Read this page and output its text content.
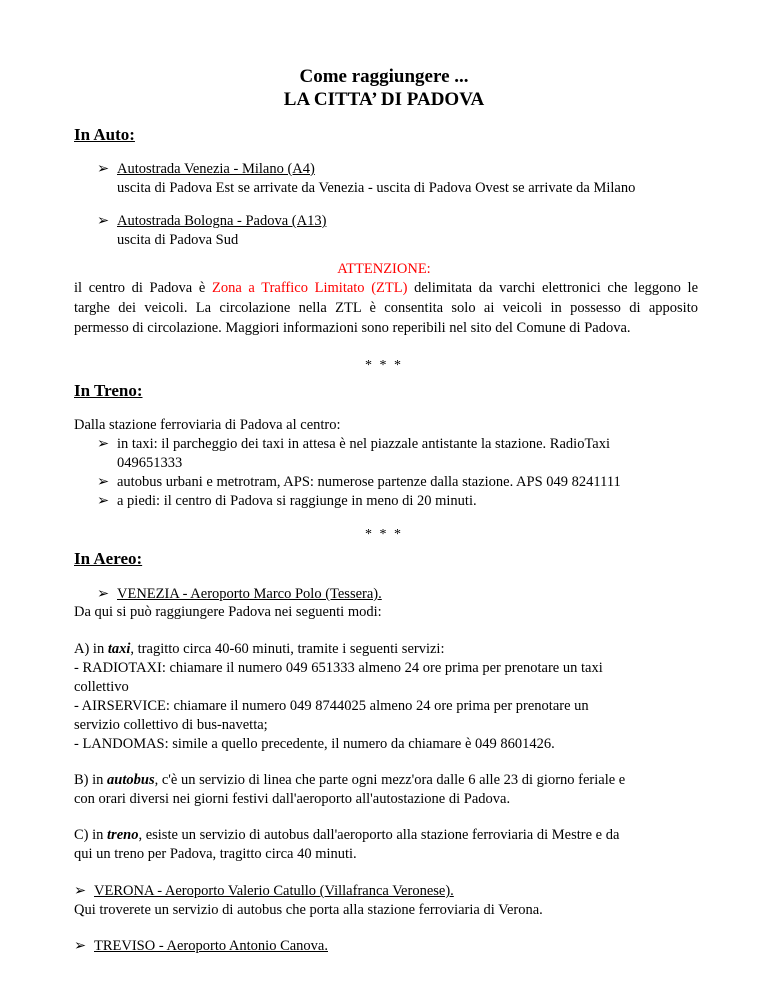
Come raggiungere ...
LA CITTA’ DI PADOVA
In Auto:
➢ Autostrada Venezia - Milano (A4)
uscita di Padova Est se arrivate da Venezia - uscita di Padova Ovest se arrivate da Milano
➢ Autostrada Bologna - Padova (A13)
uscita di Padova Sud
ATTENZIONE:
il centro di Padova è Zona a Traffico Limitato (ZTL) delimitata da varchi elettronici che leggono le
targhe dei veicoli. La circolazione nella ZTL è consentita solo ai veicoli in possesso di apposito
permesso di circolazione. Maggiori informazioni sono reperibili nel sito del Comune di Padova.
* * *
In Treno:
Dalla stazione ferroviaria di Padova al centro:
➢ in taxi: il parcheggio dei taxi in attesa è nel piazzale antistante la stazione. RadioTaxi
049651333
➢ autobus urbani e metrotram, APS: numerose partenze dalla stazione. APS 049 8241111
➢ a piedi: il centro di Padova si raggiunge in meno di 20 minuti.
* * *
In Aereo:
➢ VENEZIA - Aeroporto Marco Polo (Tessera).
Da qui si può raggiungere Padova nei seguenti modi:
A) in taxi, tragitto circa 40-60 minuti, tramite i seguenti servizi:
- RADIOTAXI: chiamare il numero 049 651333 almeno 24 ore prima per prenotare un taxi
collettivo
- AIRSERVICE: chiamare il numero 049 8744025 almeno 24 ore prima per prenotare un
servizio collettivo di bus-navetta;
- LANDOMAS: simile a quello precedente, il numero da chiamare è 049 8601426.
B) in autobus, c'è un servizio di linea che parte ogni mezz'ora dalle 6 alle 23 di giorno feriale e
con orari diversi nei giorni festivi dall'aeroporto all'autostazione di Padova.
C) in treno, esiste un servizio di autobus dall'aeroporto alla stazione ferroviaria di Mestre e da
qui un treno per Padova, tragitto circa 40 minuti.
➢ VERONA - Aeroporto Valerio Catullo (Villafranca Veronese).
Qui troverete un servizio di autobus che porta alla stazione ferroviaria di Verona.
➢ TREVISO - Aeroporto Antonio Canova.
